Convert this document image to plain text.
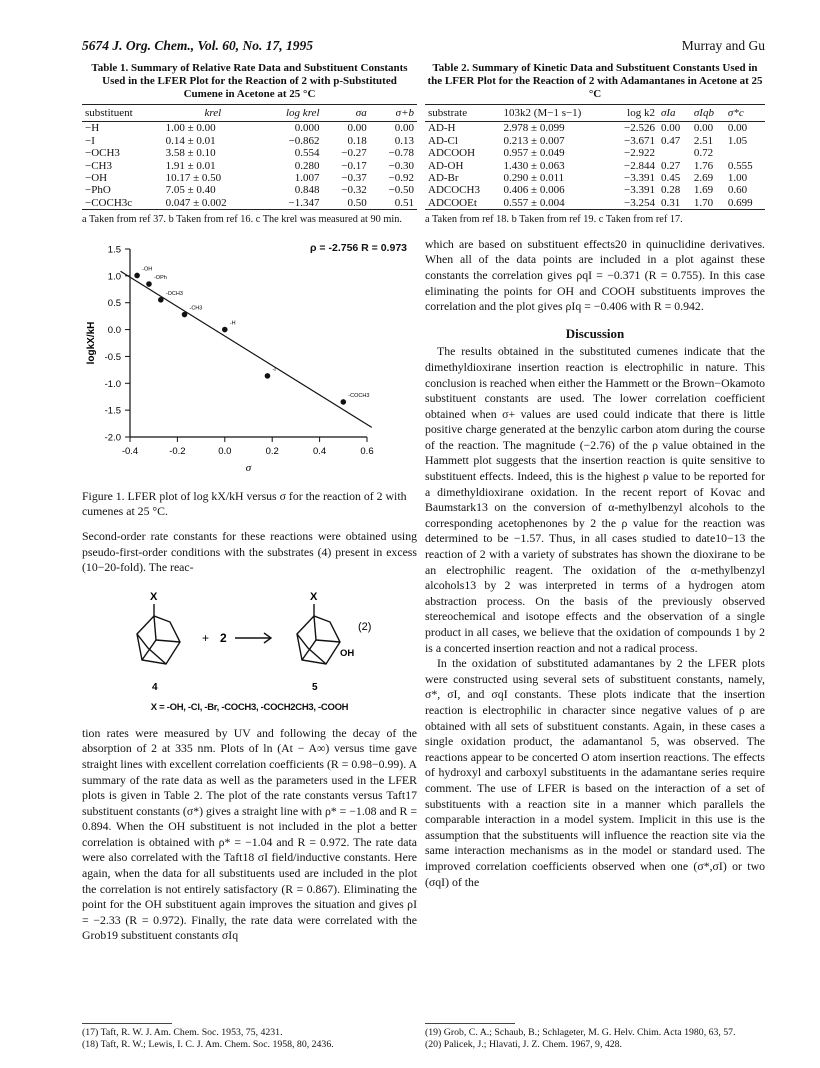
5674 J. Org. Chem., Vol. 60, No. 17, 1995	Murray and Gu
Table 1. Summary of Relative Rate Data and Substituent Constants Used in the LFER Plot for the Reaction of 2 with p-Substituted Cumene in Acetone at 25 °C
substituent	krel	log krel	σa	σ+b
−H	1.00 ± 0.00	0.000	0.00	0.00
−I	0.14 ± 0.01	−0.862	0.18	0.13
−OCH3	3.58 ± 0.10	0.554	−0.27	−0.78
−CH3	1.91 ± 0.01	0.280	−0.17	−0.30
−OH	10.17 ± 0.50	1.007	−0.37	−0.92
−PhO	7.05 ± 0.40	0.848	−0.32	−0.50
−COCH3c	0.047 ± 0.002	−1.347	0.50	0.51
a Taken from ref 37. b Taken from ref 16. c The krel was measured at 90 min.
ρ = -2.756 R = 0.973
1.5
1.0
0.5
0.0
-0.5
-1.0
-1.5
-2.0
-0.4	-0.2	0.0	0.2	0.4	0.6
-OH
-OPh
-OCH3
-CH3
-H
-I
-COCH3
σ
logkX/kH
Figure 1. LFER plot of log kX/kH versus σ for the reaction of 2 with cumenes at 25 °C.

Second-order rate constants for these reactions were obtained using pseudo-first-order conditions with the substrates (4) present in excess (10−20-fold). The reac-

X
+ 2
X
OH
(2)
4	5
X = -OH, -Cl, -Br, -COCH3, -COCH2CH3, -COOH

tion rates were measured by UV and following the decay of the absorption of 2 at 335 nm. Plots of ln (At − A∞) versus time gave straight lines with excellent correlation coefficients (R = 0.98−0.99). A summary of the rate data as well as the parameters used in the LFER plots is given in Table 2. The plot of the rate constants versus Taft17 substituent constants (σ*) gives a straight line with ρ* = −1.08 and R = 0.894. When the OH substituent is not included in the plot a better correlation is obtained with ρ* = −1.04 and R = 0.972. The rate data were also correlated with the Taft18 σI field/inductive constants. Here again, when the data for all substituents used are included in the plot the correlation is not entirely satisfactory (R = 0.867). Eliminating the point for the OH substituent again improves the situation and gives ρI = −2.33 (R = 0.972). Finally, the rate data were correlated with the Grob19 substituent constants σIq

(17) Taft, R. W. J. Am. Chem. Soc. 1953, 75, 4231.
(18) Taft, R. W.; Lewis, I. C. J. Am. Chem. Soc. 1958, 80, 2436.
Table 2. Summary of Kinetic Data and Substituent Constants Used in the LFER Plot for the Reaction of 2 with Adamantanes in Acetone at 25 °C
substrate	103k2 (M−1 s−1)	log k2	σIa	σIqb	σ*c
AD-H	2.978 ± 0.099	−2.526	0.00	0.00	0.00
AD-Cl	0.213 ± 0.007	−3.671	0.47	2.51	1.05
ADCOOH	0.957 ± 0.049	−2.922		0.72	
AD-OH	1.430 ± 0.063	−2.844	0.27	1.76	0.555
AD-Br	0.290 ± 0.011	−3.391	0.45	2.69	1.00
ADCOCH3	0.406 ± 0.006	−3.391	0.28	1.69	0.60
ADCOOEt	0.557 ± 0.004	−3.254	0.31	1.70	0.699
a Taken from ref 18. b Taken from ref 19. c Taken from ref 17.

which are based on substituent effects20 in quinuclidine derivatives. When all of the data points are included in a plot against these constants the correlation gives ρqI = −0.371 (R = 0.755). In this case eliminating the points for OH and COOH substituents improves the correlation and the plot gives ρIq = −0.406 with R = 0.942.

Discussion

The results obtained in the substituted cumenes indicate that the dimethyldioxirane insertion reaction is electrophilic in nature. This conclusion is reached when either the Hammett or the Brown−Okamoto substituent constants are used. The lower correlation coefficient obtained when σ+ values are used could indicate that there is little positive charge generated at the benzylic carbon atom during the course of the reaction. The magnitude (−2.76) of the ρ value obtained in the Hammett plot suggests that the insertion reaction is quite sensitive to substituent effects. Indeed, this is the highest ρ value to be reported for a dimethyldioxirane oxidation. In the recent report of Kovac and Baumstark13 on the conversion of α-methylbenzyl alcohols to the corresponding acetophenones by 2 the ρ value for the reaction was determined to be −1.57. Thus, in all cases studied to date10−13 the reaction of 2 with a variety of substrates has shown the dioxirane to be an electrophilic reagent. The oxidation of the α-methylbenzyl alcohols13 by 2 was interpreted in terms of a hydrogen atom abstraction process. On the basis of the previously observed stereochemical and isotope effects and the observation of a single product in all cases, we believe that the oxidation of compounds 1 by 2 is a concerted insertion reaction and not a radical process.

In the oxidation of substituted adamantanes by 2 the LFER plots were constructed using several sets of substituent constants, namely, σ*, σI, and σqI constants. These plots indicate that the insertion reaction is electrophilic in character since negative values of ρ are obtained with all sets of substituent constants. Again, in these cases a single oxidation product, the adamantanol 5, was observed. The reactions appear to be concerted O atom insertion reactions. The effects of hydroxyl and carboxyl substituents in the adamantane series require comment. The use of LFER is based on the interaction of a set of substituents with a reaction site in a manner which parallels the comparable interaction in a model system. Implicit in this use is the assumption that the substituents will influence the reaction site via the same interaction mechanisms as in the model or standard used. The improved correlation coefficients observed when one (σ*,σI) or two (σqI) of the

(19) Grob, C. A.; Schaub, B.; Schlageter, M. G. Helv. Chim. Acta 1980, 63, 57.
(20) Palicek, J.; Hlavati, J. Z. Chem. 1967, 9, 428.
